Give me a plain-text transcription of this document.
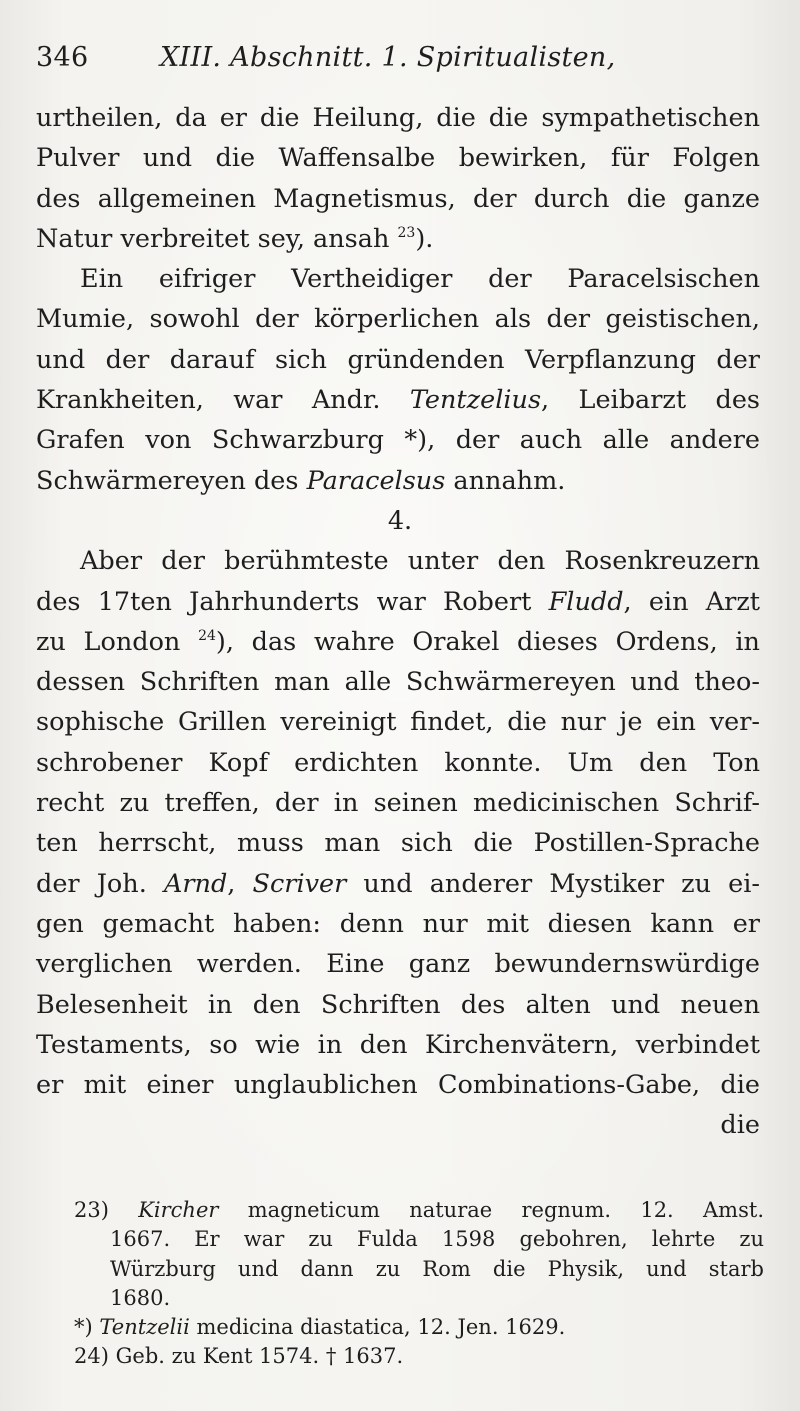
346	XIII. Abschnitt. 1. Spiritualisten,
urtheilen, da er die Heilung, die die sympathetischen
Pulver und die Waffensalbe bewirken, für Folgen
des allgemeinen Magnetismus, der durch die ganze
Natur verbreitet sey, ansah $^{23}$).
Ein eifriger Vertheidiger der Paracelsischen
Mumie, sowohl der körperlichen als der geistischen,
und der darauf sich gründenden Verpflanzung der
Krankheiten, war Andr. Tentzelius, Leibarzt des
Grafen von Schwarzburg *), der auch alle andere
Schwärmereyen des Paracelsus annahm.
4.
Aber der berühmteste unter den Rosenkreuzern
des 17ten Jahrhunderts war Robert Fludd, ein Arzt
zu London $^{24}$), das wahre Orakel dieses Ordens, in
dessen Schriften man alle Schwärmereyen und theo-
sophische Grillen vereinigt findet, die nur je ein ver-
schrobener Kopf erdichten konnte. Um den Ton
recht zu treffen, der in seinen medicinischen Schrif-
ten herrscht, muss man sich die Postillen-Sprache
der Joh. Arnd, Scriver und anderer Mystiker zu ei-
gen gemacht haben: denn nur mit diesen kann er
verglichen werden. Eine ganz bewundernswürdige
Belesenheit in den Schriften des alten und neuen
Testaments, so wie in den Kirchenvätern, verbindet
er mit einer unglaublichen Combinations-Gabe, die
die
23) Kircher magneticum naturae regnum. 12. Amst.
1667. Er war zu Fulda 1598 gebohren, lehrte zu
Würzburg und dann zu Rom die Physik, und starb
1680.
*) Tentzelii medicina diastatica, 12. Jen. 1629.
24) Geb. zu Kent 1574. † 1637.
